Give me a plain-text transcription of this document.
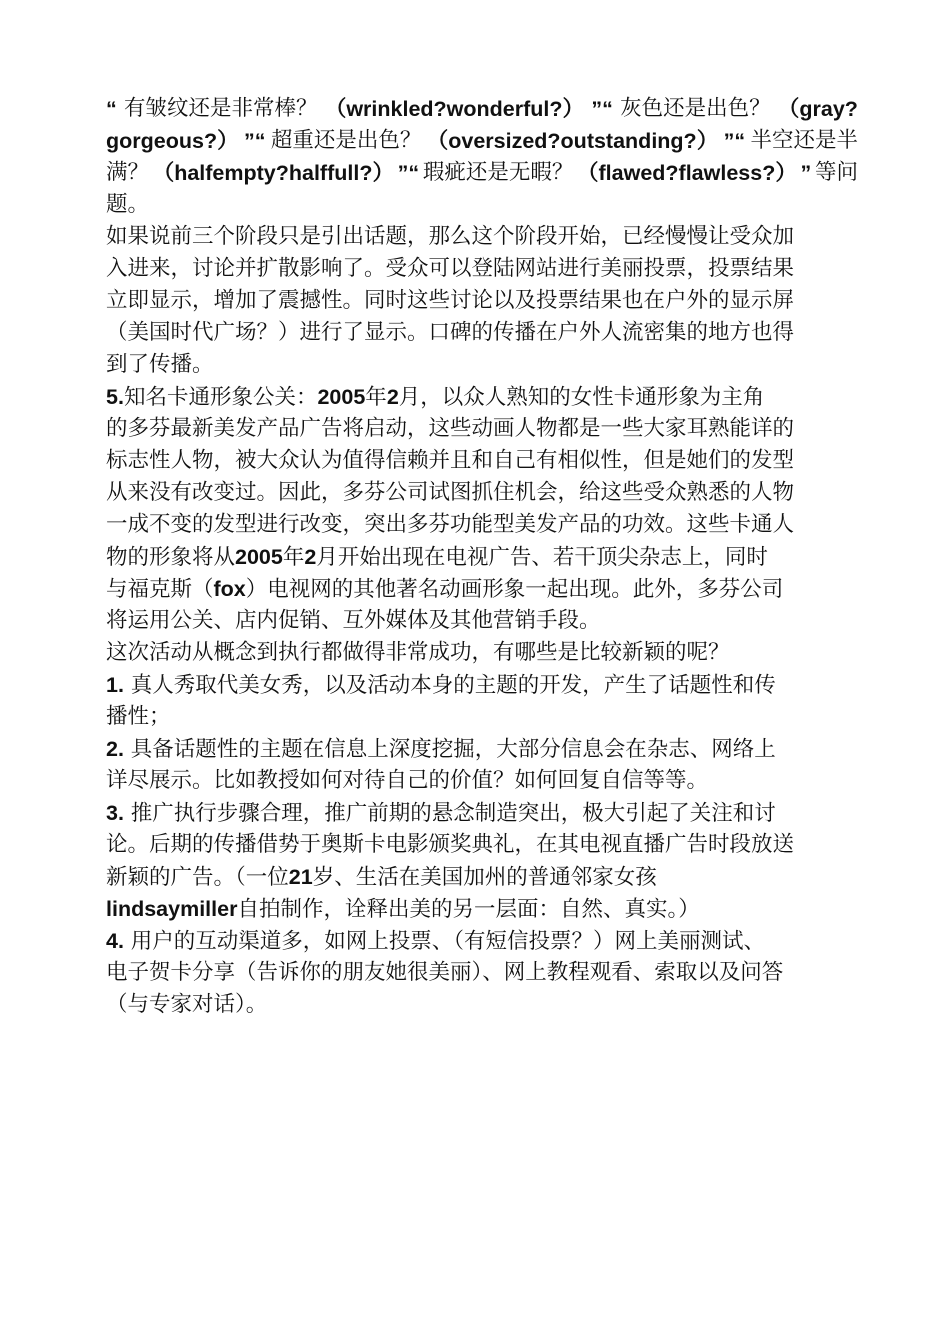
“ 有皱纹还是非常棒？ （wrinkled?wonderful?） ”“ 灰色还是出色？ （gray?
gorgeous?） ”“ 超重还是出色？ （oversized?outstanding?） ”“ 半空还是半
满？ （halfempty?halffull?） ”“ 瑕疵还是无暇？ （flawed?flawless?） ” 等问
题。
如果说前三个阶段只是引出话题，那么这个阶段开始，已经慢慢让受众加
入进来，讨论并扩散影响了。受众可以登陆网站进行美丽投票，投票结果
立即显示，增加了震撼性。同时这些讨论以及投票结果也在户外的显示屏
（美国时代广场？）进行了显示。口碑的传播在户外人流密集的地方也得
到了传播。
5.知名卡通形象公关：2005年2月，以众人熟知的女性卡通形象为主角
的多芬最新美发产品广告将启动，这些动画人物都是一些大家耳熟能详的
标志性人物，被大众认为值得信赖并且和自己有相似性，但是她们的发型
从来没有改变过。因此，多芬公司试图抓住机会，给这些受众熟悉的人物
一成不变的发型进行改变，突出多芬功能型美发产品的功效。这些卡通人
物的形象将从2005年2月开始出现在电视广告、若干顶尖杂志上，同时
与福克斯（fox）电视网的其他著名动画形象一起出现。此外，多芬公司
将运用公关、店内促销、互外媒体及其他营销手段。
这次活动从概念到执行都做得非常成功，有哪些是比较新颖的呢？
1. 真人秀取代美女秀，以及活动本身的主题的开发，产生了话题性和传
播性；
2. 具备话题性的主题在信息上深度挖掘，大部分信息会在杂志、网络上
详尽展示。比如教授如何对待自己的价值？如何回复自信等等。
3. 推广执行步骤合理，推广前期的悬念制造突出，极大引起了关注和讨
论。后期的传播借势于奥斯卡电影颁奖典礼，在其电视直播广告时段放送
新颖的广告。（一位21岁、生活在美国加州的普通邻家女孩
lindsaymiller自拍制作，诠释出美的另一层面：自然、真实。）
4. 用户的互动渠道多，如网上投票、（有短信投票？）网上美丽测试、
电子贺卡分享（告诉你的朋友她很美丽）、网上教程观看、索取以及问答
（与专家对话）。
